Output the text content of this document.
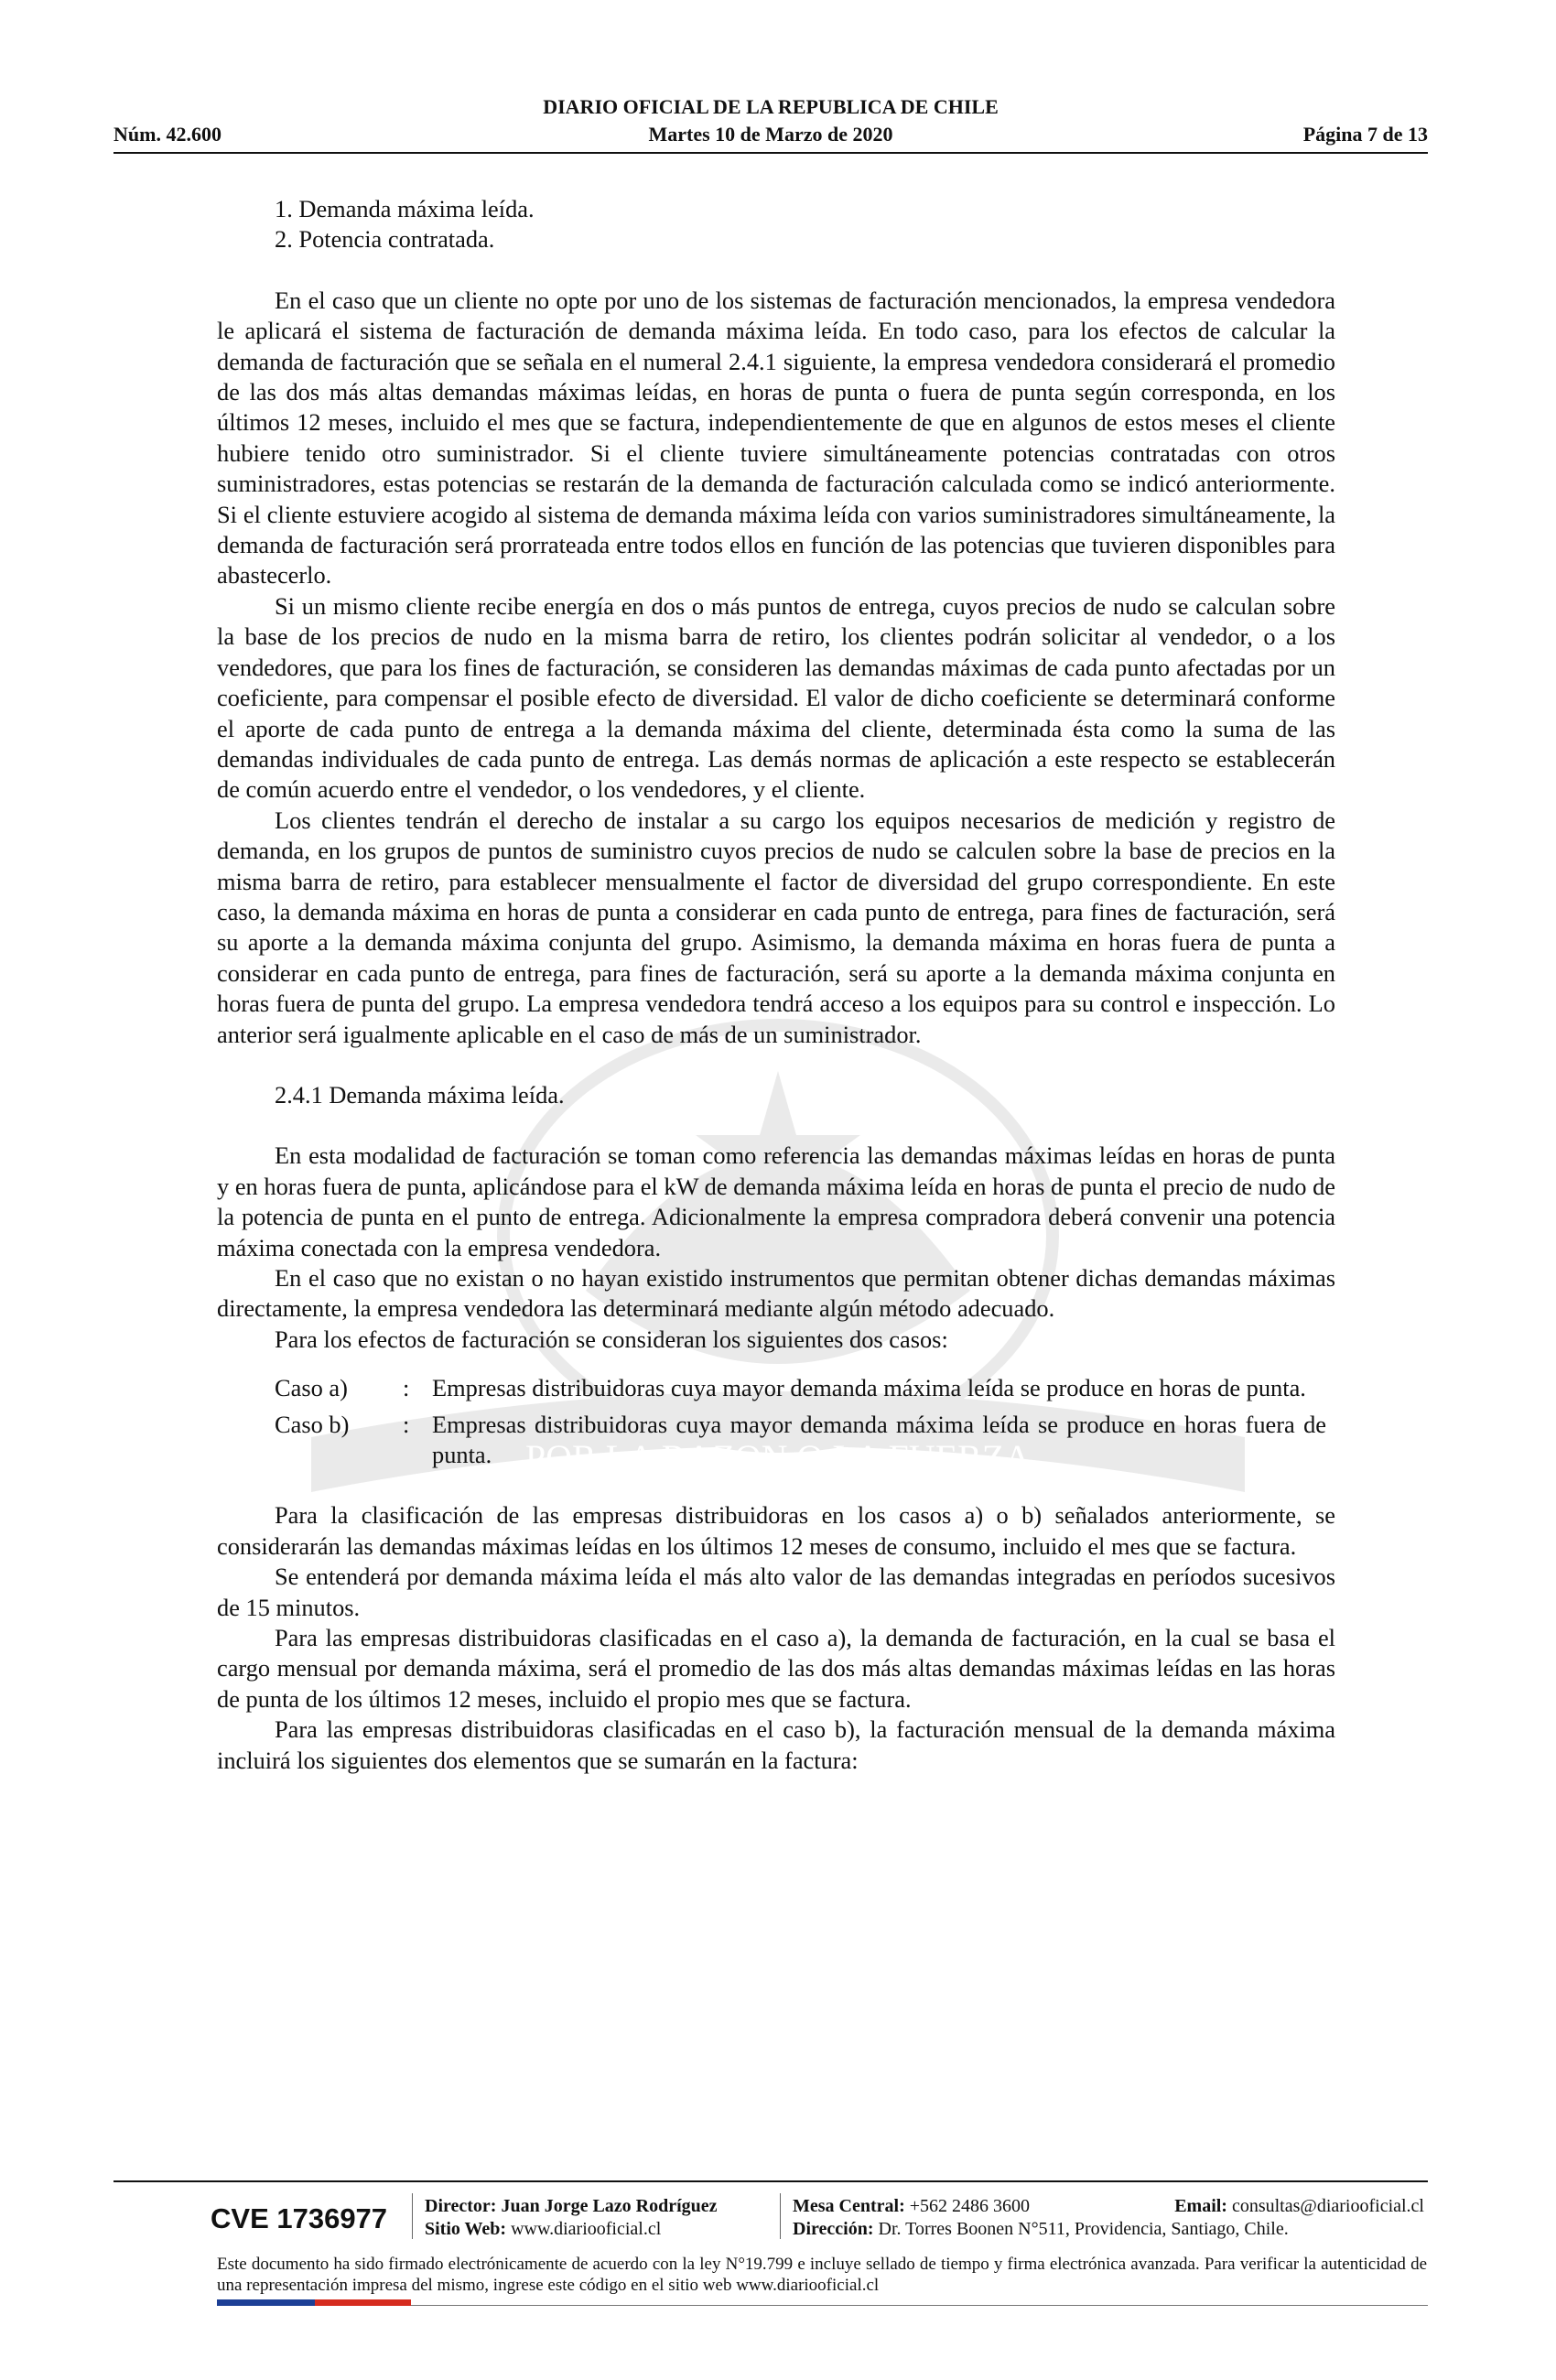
POR LA RAZON O LA FUERZA
DIARIO OFICIAL DE LA REPUBLICA DE CHILE
Núm. 42.600	Martes 10 de Marzo de 2020	Página 7 de 13

1. Demanda máxima leída.

2. Potencia contratada.

En el caso que un cliente no opte por uno de los sistemas de facturación mencionados, la empresa vendedora le aplicará el sistema de facturación de demanda máxima leída. En todo caso, para los efectos de calcular la demanda de facturación que se señala en el numeral 2.4.1 siguiente, la empresa vendedora considerará el promedio de las dos más altas demandas máximas leídas, en horas de punta o fuera de punta según corresponda, en los últimos 12 meses, incluido el mes que se factura, independientemente de que en algunos de estos meses el cliente hubiere tenido otro suministrador. Si el cliente tuviere simultáneamente potencias contratadas con otros suministradores, estas potencias se restarán de la demanda de facturación calculada como se indicó anteriormente. Si el cliente estuviere acogido al sistema de demanda máxima leída con varios suministradores simultáneamente, la demanda de facturación será prorrateada entre todos ellos en función de las potencias que tuvieren disponibles para abastecerlo.

Si un mismo cliente recibe energía en dos o más puntos de entrega, cuyos precios de nudo se calculan sobre la base de los precios de nudo en la misma barra de retiro, los clientes podrán solicitar al vendedor, o a los vendedores, que para los fines de facturación, se consideren las demandas máximas de cada punto afectadas por un coeficiente, para compensar el posible efecto de diversidad. El valor de dicho coeficiente se determinará conforme el aporte de cada punto de entrega a la demanda máxima del cliente, determinada ésta como la suma de las demandas individuales de cada punto de entrega. Las demás normas de aplicación a este respecto se establecerán de común acuerdo entre el vendedor, o los vendedores, y el cliente.

Los clientes tendrán el derecho de instalar a su cargo los equipos necesarios de medición y registro de demanda, en los grupos de puntos de suministro cuyos precios de nudo se calculen sobre la base de precios en la misma barra de retiro, para establecer mensualmente el factor de diversidad del grupo correspondiente. En este caso, la demanda máxima en horas de punta a considerar en cada punto de entrega, para fines de facturación, será su aporte a la demanda máxima conjunta del grupo. Asimismo, la demanda máxima en horas fuera de punta a considerar en cada punto de entrega, para fines de facturación, será su aporte a la demanda máxima conjunta en horas fuera de punta del grupo. La empresa vendedora tendrá acceso a los equipos para su control e inspección. Lo anterior será igualmente aplicable en el caso de más de un suministrador.

2.4.1 Demanda máxima leída.

En esta modalidad de facturación se toman como referencia las demandas máximas leídas en horas de punta y en horas fuera de punta, aplicándose para el kW de demanda máxima leída en horas de punta el precio de nudo de la potencia de punta en el punto de entrega. Adicionalmente la empresa compradora deberá convenir una potencia máxima conectada con la empresa vendedora.

En el caso que no existan o no hayan existido instrumentos que permitan obtener dichas demandas máximas directamente, la empresa vendedora las determinará mediante algún método adecuado.

Para los efectos de facturación se consideran los siguientes dos casos:

Caso a)	: Empresas distribuidoras cuya mayor demanda máxima leída se produce en horas de punta.
Caso b)	: Empresas distribuidoras cuya mayor demanda máxima leída se produce en horas fuera de punta.

Para la clasificación de las empresas distribuidoras en los casos a) o b) señalados anteriormente, se considerarán las demandas máximas leídas en los últimos 12 meses de consumo, incluido el mes que se factura.

Se entenderá por demanda máxima leída el más alto valor de las demandas integradas en períodos sucesivos de 15 minutos.

Para las empresas distribuidoras clasificadas en el caso a), la demanda de facturación, en la cual se basa el cargo mensual por demanda máxima, será el promedio de las dos más altas demandas máximas leídas en las horas de punta de los últimos 12 meses, incluido el propio mes que se factura.

Para las empresas distribuidoras clasificadas en el caso b), la facturación mensual de la demanda máxima incluirá los siguientes dos elementos que se sumarán en la factura:

CVE 1736977 Director: Juan Jorge Lazo Rodríguez
Sitio Web: www.diariooficial.cl
Mesa Central: +562 2486 3600	Email: consultas@diariooficial.cl
Dirección: Dr. Torres Boonen N°511, Providencia, Santiago, Chile.
Este documento ha sido firmado electrónicamente de acuerdo con la ley N°19.799 e incluye sellado de tiempo y firma electrónica avanzada. Para verificar la autenticidad de una representación impresa del mismo, ingrese este código en el sitio web www.diariooficial.cl
